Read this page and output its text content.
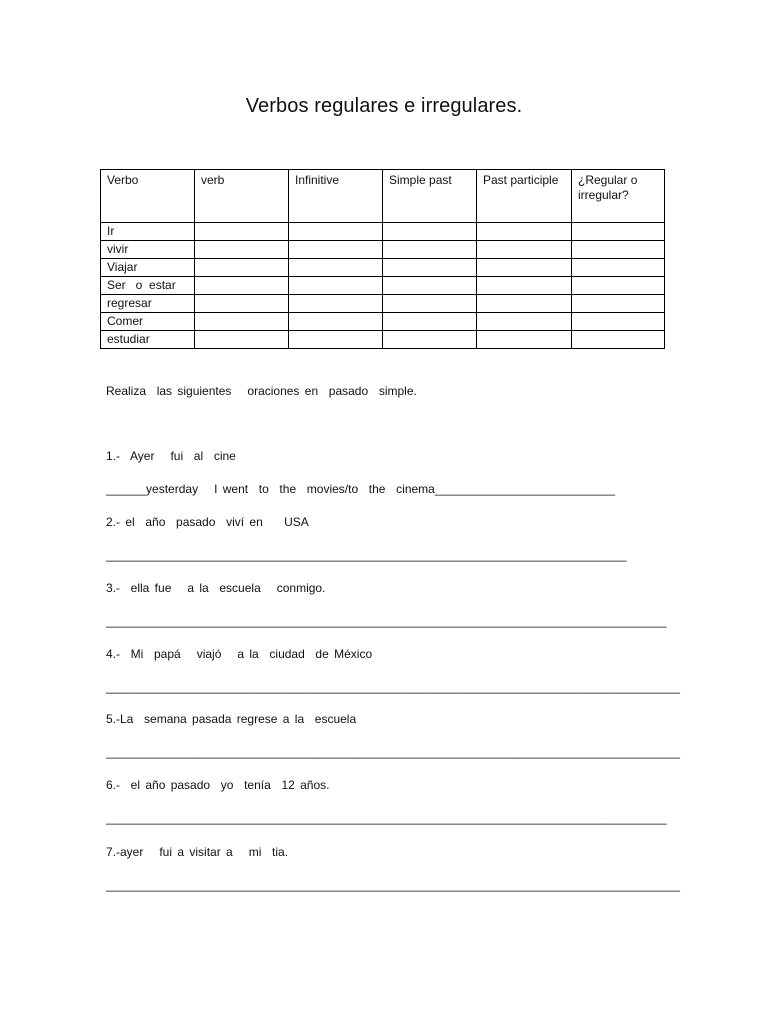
Verbos regulares e irregulares.
Verbo	verb	Infinitive	Simple past	Past participle	¿Regular o irregular?
Ir					
vivir					
Viajar					
Ser   o  estar					
regresar					
Comer					
estudiar					
Realiza  las siguientes   oraciones en  pasado  simple.
1.-  Ayer   fui  al  cine
______yesterday   I went  to  the  movies/to  the  cinema___________________________
2.- el  año  pasado  viví en    USA
______________________________________________________________________________
3.-  ella fue   a la  escuela   conmigo.
____________________________________________________________________________________
4.-  Mi  papá   viajó   a la  ciudad  de México
______________________________________________________________________________________
5.-La  semana pasada regrese a la  escuela
______________________________________________________________________________________
6.-  el año pasado  yo  tenía  12 años.
____________________________________________________________________________________
7.-ayer   fui a visitar a   mi  tia.
______________________________________________________________________________________
